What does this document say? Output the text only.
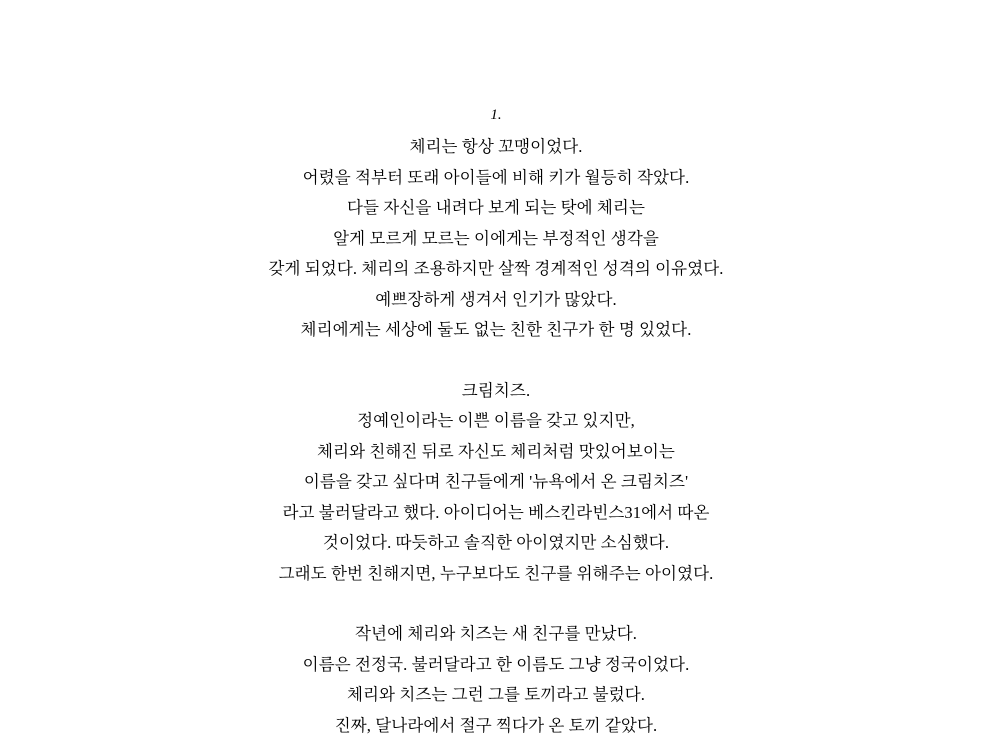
1.
체리는 항상 꼬맹이었다.
어렸을 적부터 또래 아이들에 비해 키가 월등히 작았다.
다들 자신을 내려다 보게 되는 탓에 체리는
알게 모르게 모르는 이에게는 부정적인 생각을
갖게 되었다. 체리의 조용하지만 살짝 경계적인 성격의 이유였다.
예쁘장하게 생겨서 인기가 많았다.
체리에게는 세상에 둘도 없는 친한 친구가 한 명 있었다.
크림치즈.
정예인이라는 이쁜 이름을 갖고 있지만,
체리와 친해진 뒤로 자신도 체리처럼 맛있어보이는
이름을 갖고 싶다며 친구들에게 '뉴욕에서 온 크림치즈'
라고 불러달라고 했다. 아이디어는 베스킨라빈스31에서 따온
것이었다. 따듯하고 솔직한 아이였지만 소심했다.
그래도 한번 친해지면, 누구보다도 친구를 위해주는 아이였다.
작년에 체리와 치즈는 새 친구를 만났다.
이름은 전정국. 불러달라고 한 이름도 그냥 정국이었다.
체리와 치즈는 그런 그를 토끼라고 불렀다.
진짜, 달나라에서 절구 찍다가 온 토끼 같았다.
